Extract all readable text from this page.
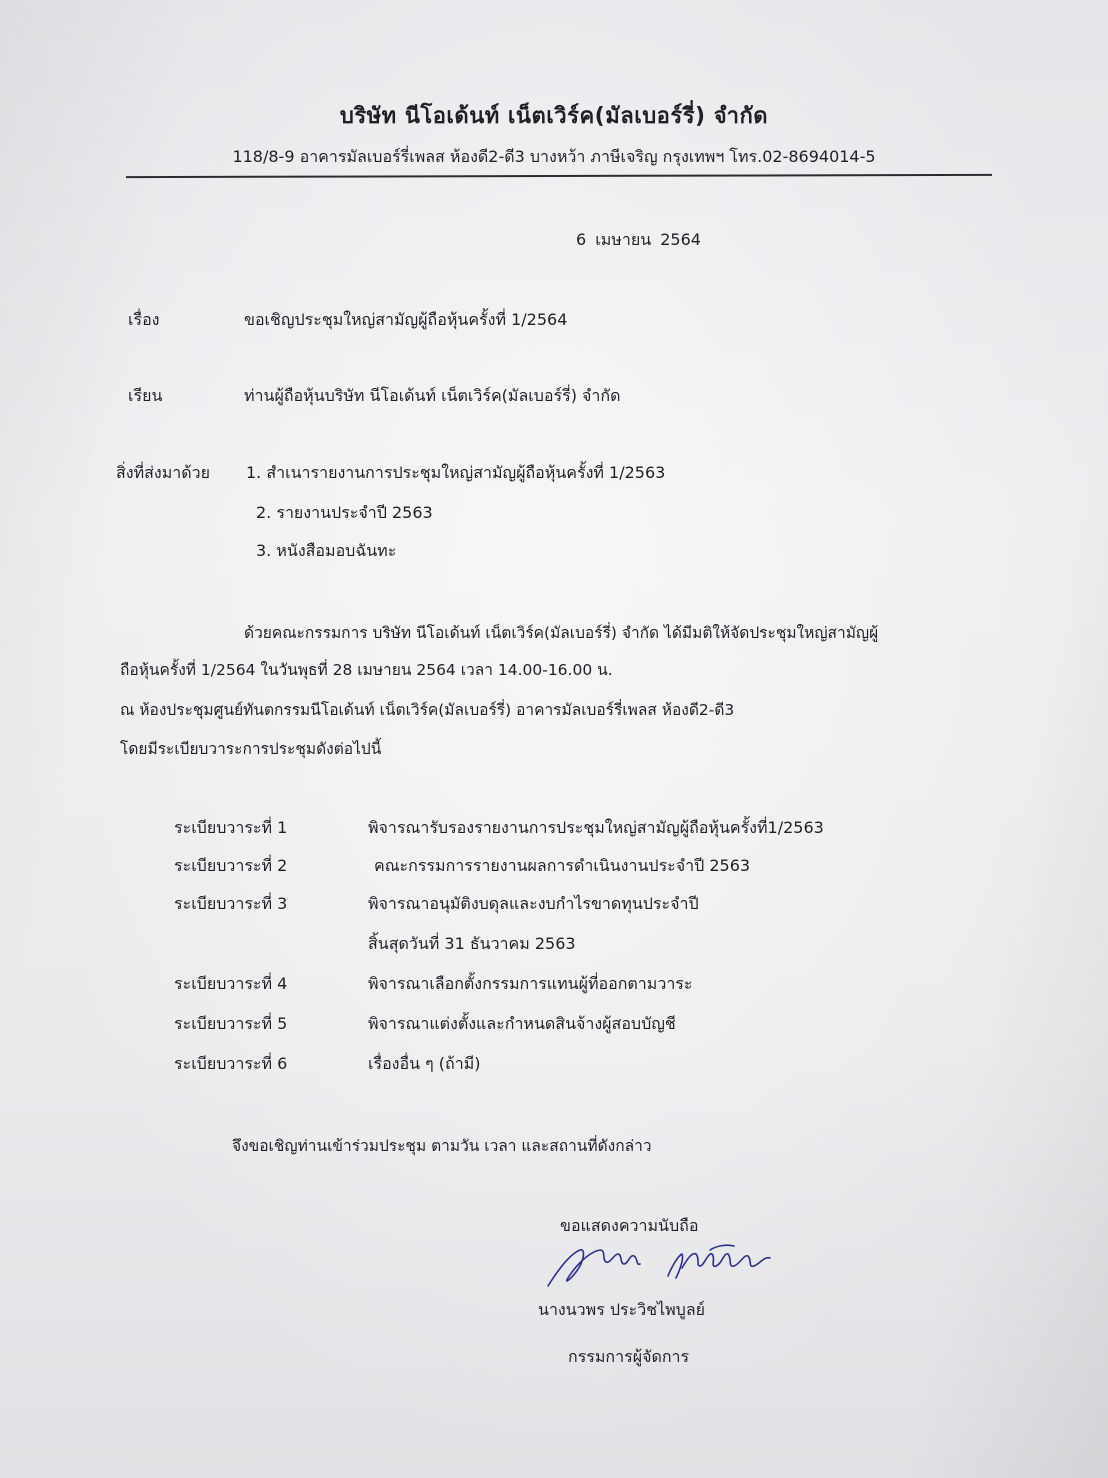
บริษัท นีโอเด้นท์ เน็ตเวิร์ค(มัลเบอร์รี่) จำกัด
118/8-9 อาคารมัลเบอร์รี่เพลส ห้องดี2-ดี3 บางหว้า ภาษีเจริญ กรุงเทพฯ โทร.02-8694014-5
6 เมษายน 2564
เรื่อง	ขอเชิญประชุมใหญ่สามัญผู้ถือหุ้นครั้งที่ 1/2564
เรียน	ท่านผู้ถือหุ้นบริษัท นีโอเด้นท์ เน็ตเวิร์ค(มัลเบอร์รี่) จำกัด
สิ่งที่ส่งมาด้วย 1. สำเนารายงานการประชุมใหญ่สามัญผู้ถือหุ้นครั้งที่ 1/2563
2. รายงานประจำปี 2563
3. หนังสือมอบฉันทะ
ด้วยคณะกรรมการ บริษัท นีโอเด้นท์ เน็ตเวิร์ค(มัลเบอร์รี่) จำกัด ได้มีมติให้จัดประชุมใหญ่สามัญผู้
ถือหุ้นครั้งที่ 1/2564 ในวันพุธที่ 28 เมษายน 2564 เวลา 14.00-16.00 น.
ณ ห้องประชุมศูนย์ทันตกรรมนีโอเด้นท์ เน็ตเวิร์ค(มัลเบอร์รี่) อาคารมัลเบอร์รี่เพลส ห้องดี2-ดี3
โดยมีระเบียบวาระการประชุมดังต่อไปนี้
ระเบียบวาระที่ 1	พิจารณารับรองรายงานการประชุมใหญ่สามัญผู้ถือหุ้นครั้งที่1/2563
ระเบียบวาระที่ 2	คณะกรรมการรายงานผลการดำเนินงานประจำปี 2563
ระเบียบวาระที่ 3	พิจารณาอนุมัติงบดุลและงบกำไรขาดทุนประจำปี
สิ้นสุดวันที่ 31 ธันวาคม 2563
ระเบียบวาระที่ 4	พิจารณาเลือกตั้งกรรมการแทนผู้ที่ออกตามวาระ
ระเบียบวาระที่ 5	พิจารณาแต่งตั้งและกำหนดสินจ้างผู้สอบบัญชี
ระเบียบวาระที่ 6	เรื่องอื่น ๆ (ถ้ามี)
จึงขอเชิญท่านเข้าร่วมประชุม ตามวัน เวลา และสถานที่ดังกล่าว
ขอแสดงความนับถือ
นางนวพร ประวิชไพบูลย์
กรรมการผู้จัดการ
